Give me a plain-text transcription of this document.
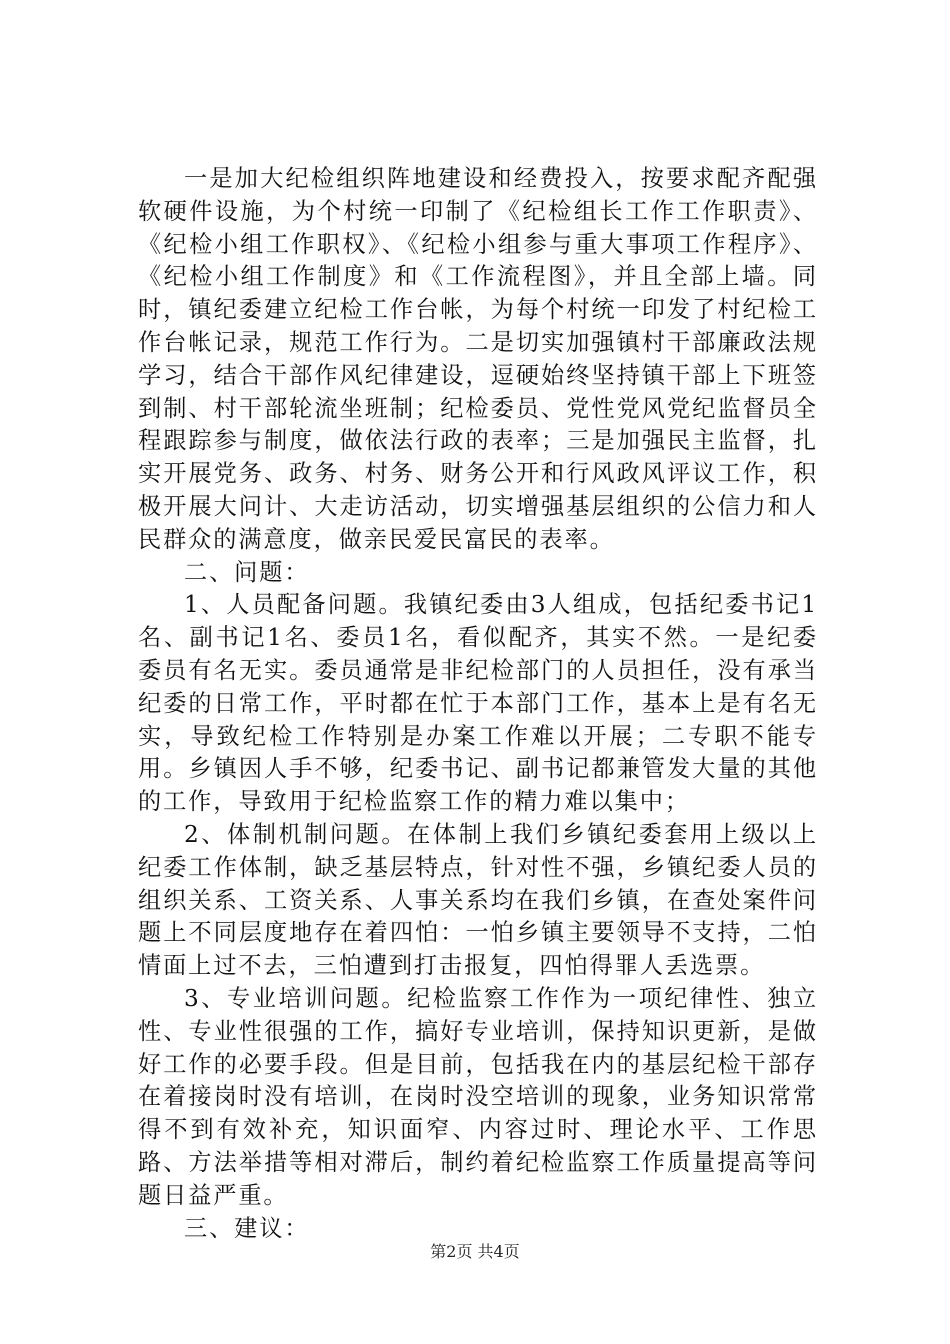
一是加大纪检组织阵地建设和经费投入，按要求配齐配强软硬件设施，为个村统一印制了《纪检组长工作工作职责》、《纪检小组工作职权》、《纪检小组参与重大事项工作程序》、《纪检小组工作制度》和《工作流程图》，并且全部上墙。同时，镇纪委建立纪检工作台帐，为每个村统一印发了村纪检工作台帐记录，规范工作行为。二是切实加强镇村干部廉政法规学习，结合干部作风纪律建设，逗硬始终坚持镇干部上下班签到制、村干部轮流坐班制；纪检委员、党性党风党纪监督员全程跟踪参与制度，做依法行政的表率；三是加强民主监督，扎实开展党务、政务、村务、财务公开和行风政风评议工作，积极开展大问计、大走访活动，切实增强基层组织的公信力和人民群众的满意度，做亲民爱民富民的表率。

二、问题：

1、人员配备问题。我镇纪委由3人组成，包括纪委书记1名、副书记1名、委员1名，看似配齐，其实不然。一是纪委委员有名无实。委员通常是非纪检部门的人员担任，没有承当纪委的日常工作，平时都在忙于本部门工作，基本上是有名无实，导致纪检工作特别是办案工作难以开展；二专职不能专用。乡镇因人手不够，纪委书记、副书记都兼管发大量的其他的工作，导致用于纪检监察工作的精力难以集中；

2、体制机制问题。在体制上我们乡镇纪委套用上级以上纪委工作体制，缺乏基层特点，针对性不强，乡镇纪委人员的组织关系、工资关系、人事关系均在我们乡镇，在查处案件问题上不同层度地存在着四怕：一怕乡镇主要领导不支持，二怕情面上过不去，三怕遭到打击报复，四怕得罪人丢选票。

3、专业培训问题。纪检监察工作作为一项纪律性、独立性、专业性很强的工作，搞好专业培训，保持知识更新，是做好工作的必要手段。但是目前，包括我在内的基层纪检干部存在着接岗时没有培训，在岗时没空培训的现象，业务知识常常得不到有效补充，知识面窄、内容过时、理论水平、工作思路、方法举措等相对滞后，制约着纪检监察工作质量提高等问题日益严重。

三、建议：

第2页 共4页
